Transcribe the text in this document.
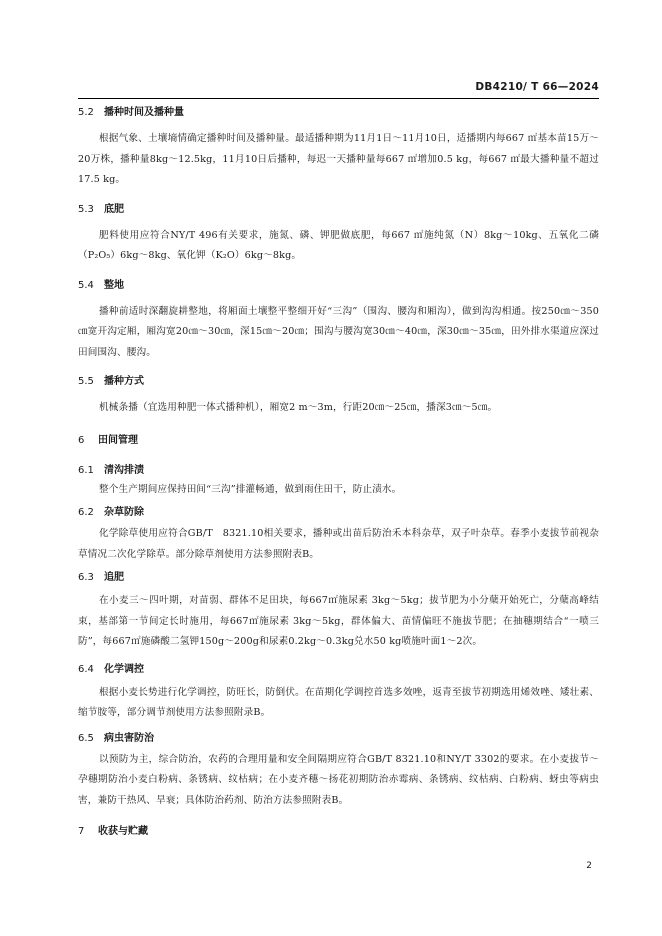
DB4210/ T 66—2024
5.2	播种时间及播种量

根据气象、土壤墒情确定播种时间及播种量。最适播种期为11月1日～11月10日，适播期内每667 ㎡基本苗15万～20万株，播种量8kg～12.5kg，11月10日后播种，每迟一天播种量每667 ㎡增加0.5 kg，每667 ㎡最大播种量不超过17.5 kg。

5.3	底肥

肥料使用应符合NY/T 496有关要求，施氮、磷、钾肥做底肥，每667 ㎡施纯氮（N）8kg～10kg、五氧化二磷（P₂O₅）6kg～8kg、氧化钾（K₂O）6kg～8kg。

5.4	整地

播种前适时深翻旋耕整地，将厢面土壤整平整细开好“三沟”（围沟、腰沟和厢沟），做到沟沟相通。按250㎝～350㎝宽开沟定厢，厢沟宽20㎝～30㎝，深15㎝～20㎝；围沟与腰沟宽30㎝～40㎝，深30㎝～35㎝，田外排水渠道应深过田间围沟、腰沟。

5.5	播种方式

机械条播（宜选用种肥一体式播种机），厢宽2 m～3m，行距20㎝～25㎝，播深3㎝～5㎝。

6	田间管理
6.1	清沟排渍

整个生产期间应保持田间“三沟”排灌畅通，做到雨住田干，防止渍水。

6.2	杂草防除

化学除草使用应符合GB/T　8321.10相关要求，播种或出苗后防治禾本科杂草，双子叶杂草。春季小麦拔节前视杂草情况二次化学除草。部分除草剂使用方法参照附表B。

6.3	追肥

在小麦三～四叶期，对苗弱、群体不足田块，每667㎡施尿素 3kg～5kg；拔节肥为小分蘖开始死亡，分蘖高峰结束，基部第一节间定长时施用，每667㎡施尿素 3kg～5kg，群体偏大、苗情偏旺不施拔节肥；在抽穗期结合“一喷三防”，每667㎡施磷酸二氢钾150g～200g和尿素0.2kg～0.3kg兑水50 kg喷施叶面1～2次。

6.4	化学调控

根据小麦长势进行化学调控，防旺长，防倒伏。在苗期化学调控首选多效唑，返青至拔节初期选用烯效唑、矮壮素、缩节胺等，部分调节剂使用方法参照附录B。

6.5	病虫害防治

以预防为主，综合防治，农药的合理用量和安全间隔期应符合GB/T 8321.10和NY/T 3302的要求。在小麦拔节～孕穗期防治小麦白粉病、条锈病、纹枯病；在小麦齐穗～扬花初期防治赤霉病、条锈病、纹枯病、白粉病、蚜虫等病虫害，兼防干热风、旱衰；具体防治药剂、防治方法参照附表B。

7	收获与贮藏
2
